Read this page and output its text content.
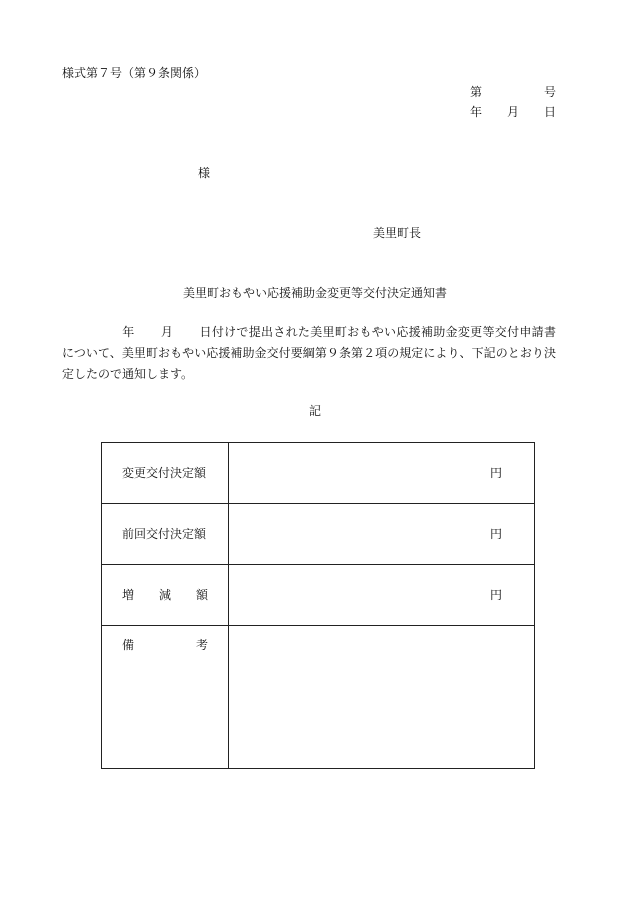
様式第７号（第９条関係）
第	号
年 月 日
様
美里町長
美里町おもやい応援補助金変更等交付決定通知書
年 月 日付けで提出された美里町おもやい応援補助金変更等交付申請書について、美里町おもやい応援補助金交付要綱第９条第２項の規定により、下記のとおり決定したので通知します。
記
変更交付決定額	円

前回交付決定額	円

増 減 額	円

備 考	
